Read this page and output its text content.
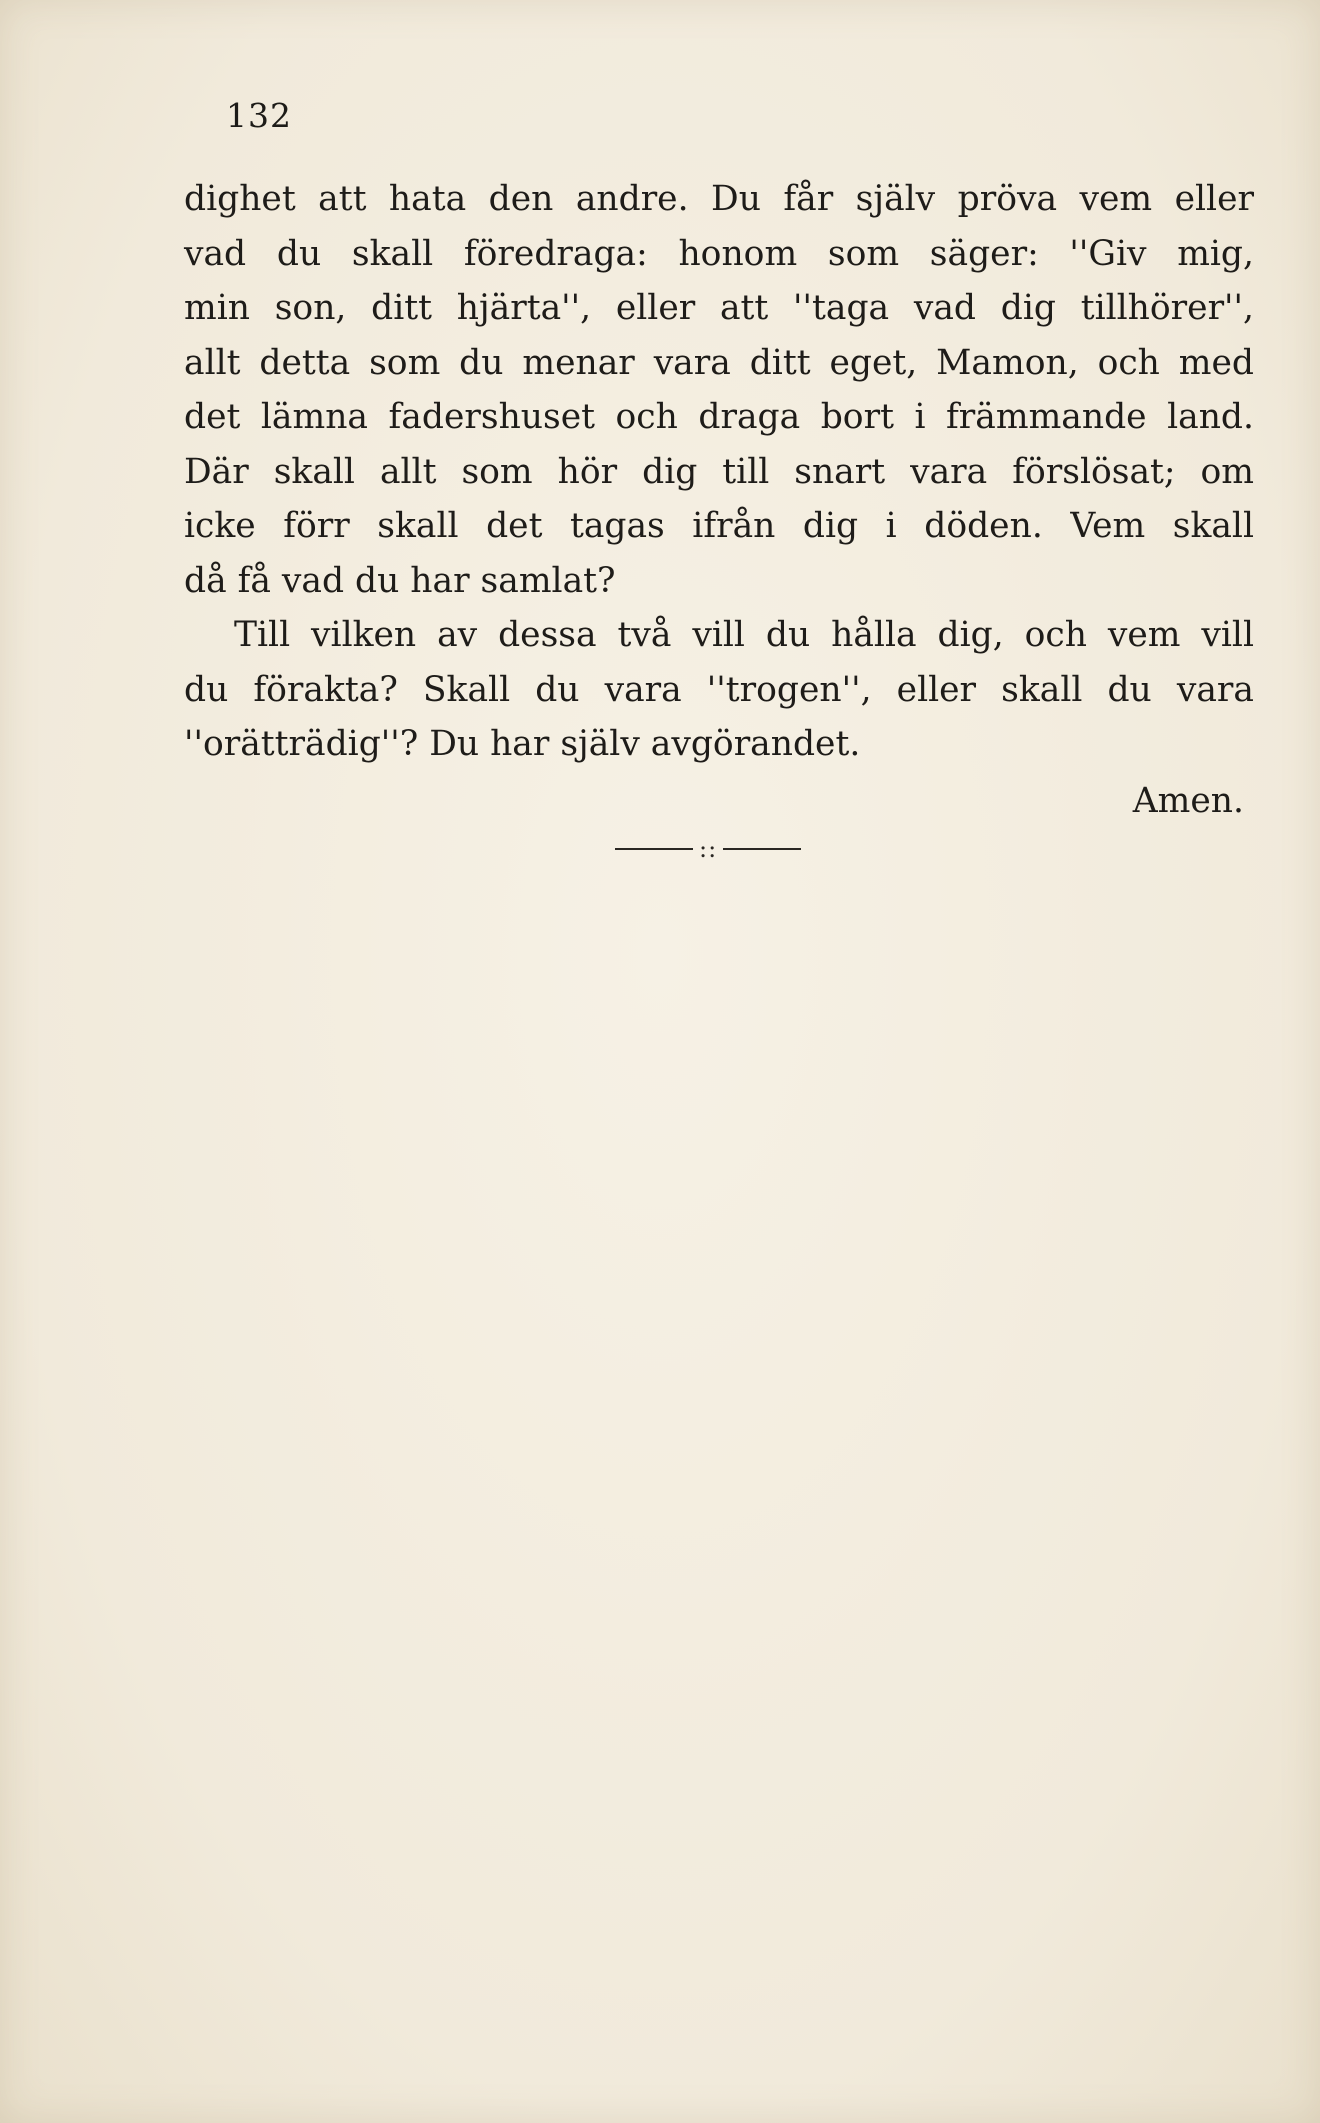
132
dighet att hata den andre. Du får själv pröva vem eller
vad du skall föredraga: honom som säger: ''Giv mig,
min son, ditt hjärta'', eller att ''taga vad dig tillhörer'',
allt detta som du menar vara ditt eget, Mamon, och med
det lämna fadershuset och draga bort i främmande land.
Där skall allt som hör dig till snart vara förslösat; om
icke förr skall det tagas ifrån dig i döden. Vem skall
då få vad du har samlat?
Till vilken av dessa två vill du hålla dig, och vem vill
du förakta? Skall du vara ''trogen'', eller skall du vara
''orätträdig''? Du har själv avgörandet.
Amen.
::
